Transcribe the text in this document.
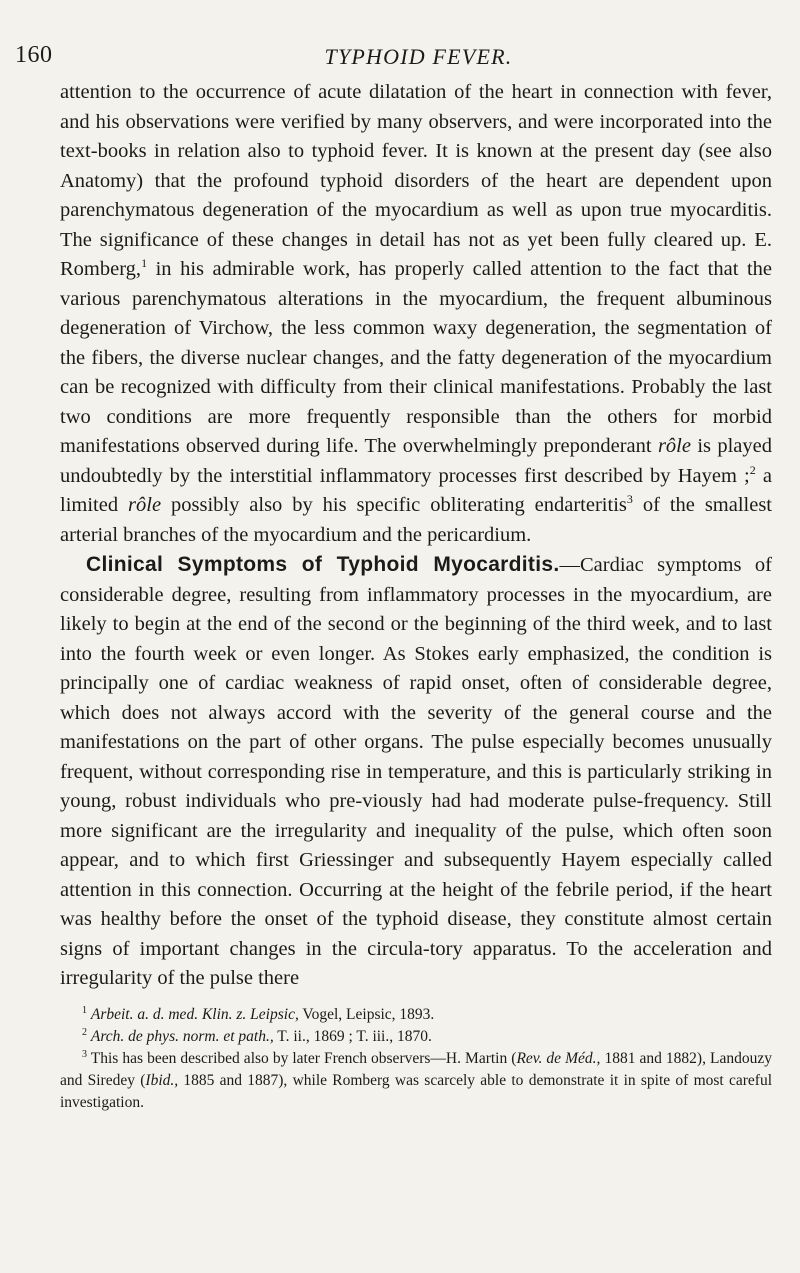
160	TYPHOID FEVER.

attention to the occurrence of acute dilatation of the heart in connection with fever, and his observations were verified by many observers, and were incorporated into the text-books in relation also to typhoid fever. It is known at the present day (see also Anatomy) that the profound typhoid disorders of the heart are dependent upon parenchymatous degeneration of the myocardium as well as upon true myocarditis. The significance of these changes in detail has not as yet been fully cleared up. E. Romberg,$^1$ in his admirable work, has properly called attention to the fact that the various parenchymatous alterations in the myocardium, the frequent albuminous degeneration of Virchow, the less common waxy degeneration, the segmentation of the fibers, the diverse nuclear changes, and the fatty degeneration of the myocardium can be recognized with difficulty from their clinical manifestations. Probably the last two conditions are more frequently responsible than the others for morbid manifestations observed during life. The overwhelmingly preponderant rôle is played undoubtedly by the interstitial inflammatory processes first described by Hayem ;$^2$ a limited rôle possibly also by his specific obliterating endarteritis$^3$ of the smallest arterial branches of the myocardium and the pericardium.

Clinical Symptoms of Typhoid Myocarditis.—Cardiac symptoms of considerable degree, resulting from inflammatory processes in the myocardium, are likely to begin at the end of the second or the beginning of the third week, and to last into the fourth week or even longer. As Stokes early emphasized, the condition is principally one of cardiac weakness of rapid onset, often of considerable degree, which does not always accord with the severity of the general course and the manifestations on the part of other organs. The pulse especially becomes unusually frequent, without corresponding rise in temperature, and this is particularly striking in young, robust individuals who pre-viously had had moderate pulse-frequency. Still more significant are the irregularity and inequality of the pulse, which often soon appear, and to which first Griessinger and subsequently Hayem especially called attention in this connection. Occurring at the height of the febrile period, if the heart was healthy before the onset of the typhoid disease, they constitute almost certain signs of important changes in the circula-tory apparatus. To the acceleration and irregularity of the pulse there

$^1$ Arbeit. a. d. med. Klin. z. Leipsic, Vogel, Leipsic, 1893.

$^2$ Arch. de phys. norm. et path., T. ii., 1869 ; T. iii., 1870.

$^3$ This has been described also by later French observers—H. Martin (Rev. de Méd., 1881 and 1882), Landouzy and Siredey (Ibid., 1885 and 1887), while Romberg was scarcely able to demonstrate it in spite of most careful investigation.
